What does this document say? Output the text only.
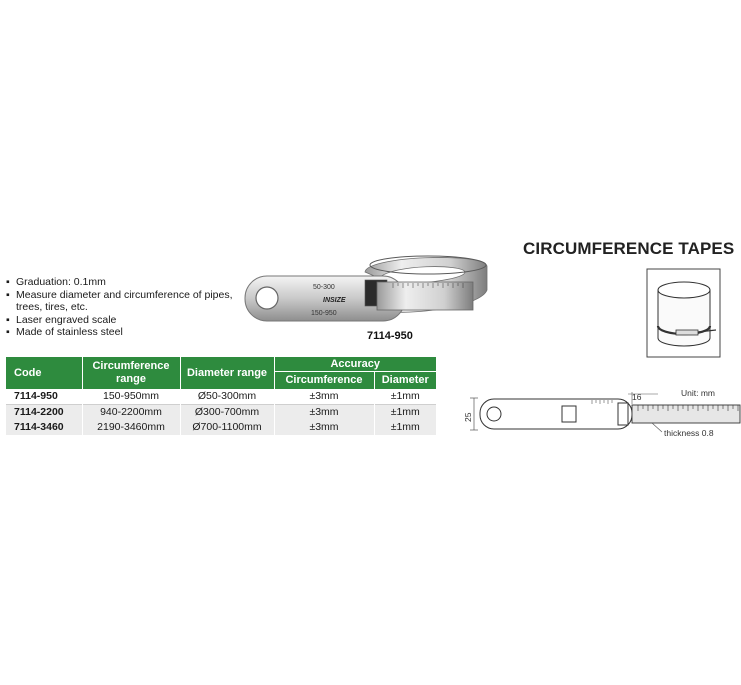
CIRCUMFERENCE TAPES
▪ Graduation: 0.1mm
▪ Measure diameter and circumference of pipes, trees, tires, etc.
▪ Laser engraved scale
▪ Made of stainless steel
50-300
INSIZE
150-950
7114-950
Code	Circumference range	Diameter range	Accuracy	
			Circumference	Diameter
7114-950	150-950mm	Ø50-300mm	±3mm	±1mm
7114-2200	940-2200mm	Ø300-700mm	±3mm	±1mm
7114-3460	2190-3460mm	Ø700-1100mm	±3mm	±1mm
Unit: mm
16
25
thickness 0.8
